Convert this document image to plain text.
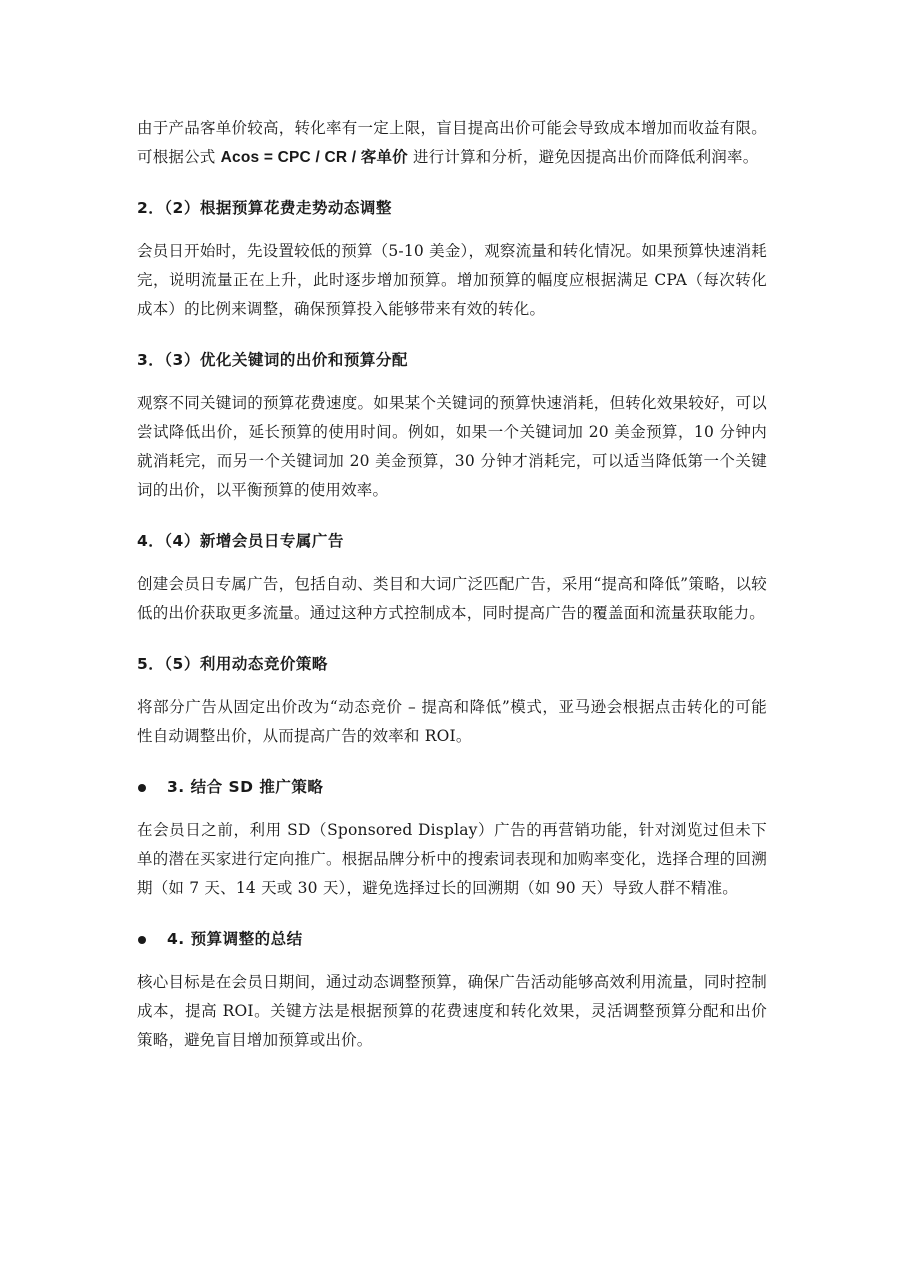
由于产品客单价较高，转化率有一定上限，盲目提高出价可能会导致成本增加而收益有限。可根据公式 Acos = CPC / CR / 客单价 进行计算和分析，避免因提高出价而降低利润率。

2．（2）根据预算花费走势动态调整

会员日开始时，先设置较低的预算（5-10 美金），观察流量和转化情况。如果预算快速消耗完，说明流量正在上升，此时逐步增加预算。增加预算的幅度应根据满足 CPA（每次转化成本）的比例来调整，确保预算投入能够带来有效的转化。

3．（3）优化关键词的出价和预算分配

观察不同关键词的预算花费速度。如果某个关键词的预算快速消耗，但转化效果较好，可以尝试降低出价，延长预算的使用时间。例如，如果一个关键词加 20 美金预算，10 分钟内就消耗完，而另一个关键词加 20 美金预算，30 分钟才消耗完，可以适当降低第一个关键词的出价，以平衡预算的使用效率。

4．（4）新增会员日专属广告

创建会员日专属广告，包括自动、类目和大词广泛匹配广告，采用“提高和降低”策略，以较低的出价获取更多流量。通过这种方式控制成本，同时提高广告的覆盖面和流量获取能力。

5．（5）利用动态竞价策略

将部分广告从固定出价改为“动态竞价 – 提高和降低”模式，亚马逊会根据点击转化的可能性自动调整出价，从而提高广告的效率和 ROI。

3. 结合 SD 推广策略

在会员日之前，利用 SD（Sponsored Display）广告的再营销功能，针对浏览过但未下单的潜在买家进行定向推广。根据品牌分析中的搜索词表现和加购率变化，选择合理的回溯期（如 7 天、14 天或 30 天），避免选择过长的回溯期（如 90 天）导致人群不精准。

4. 预算调整的总结

核心目标是在会员日期间，通过动态调整预算，确保广告活动能够高效利用流量，同时控制成本，提高 ROI。关键方法是根据预算的花费速度和转化效果，灵活调整预算分配和出价策略，避免盲目增加预算或出价。
